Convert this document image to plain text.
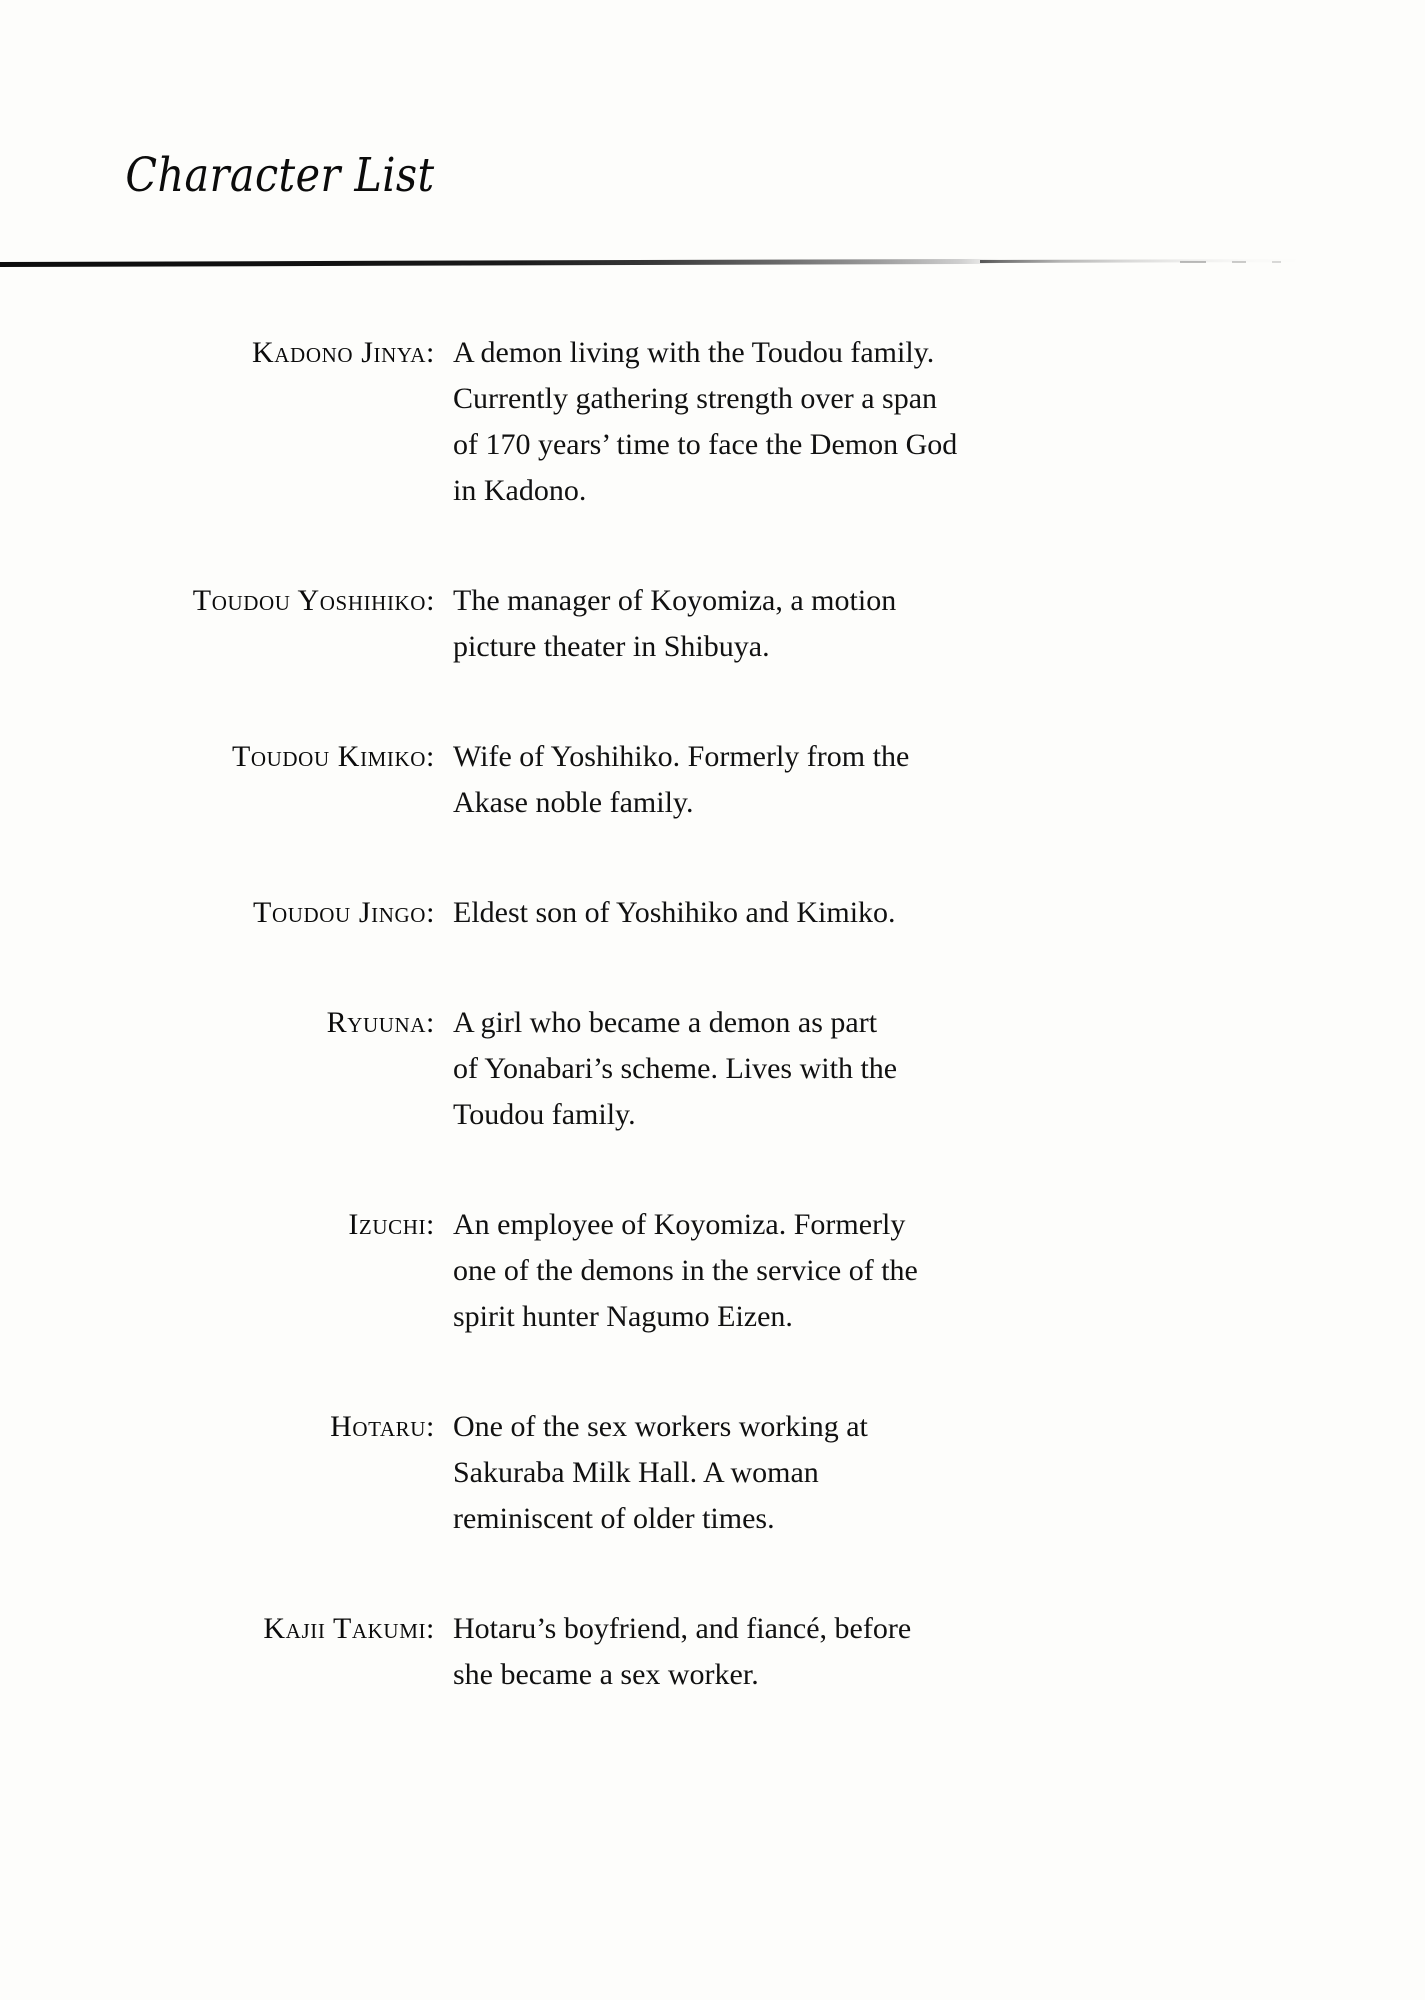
Character List
Kadono Jinya: A demon living with the Toudou family.
Currently gathering strength over a span
of 170 years’ time to face the Demon God
in Kadono.
Toudou Yoshihiko: The manager of Koyomiza, a motion
picture theater in Shibuya.
Toudou Kimiko: Wife of Yoshihiko. Formerly from the
Akase noble family.
Toudou Jingo: Eldest son of Yoshihiko and Kimiko.
Ryuuna: A girl who became a demon as part
of Yonabari’s scheme. Lives with the
Toudou family.
Izuchi: An employee of Koyomiza. Formerly
one of the demons in the service of the
spirit hunter Nagumo Eizen.
Hotaru: One of the sex workers working at
Sakuraba Milk Hall. A woman
reminiscent of older times.
Kajii Takumi: Hotaru’s boyfriend, and fiancé, before
she became a sex worker.
